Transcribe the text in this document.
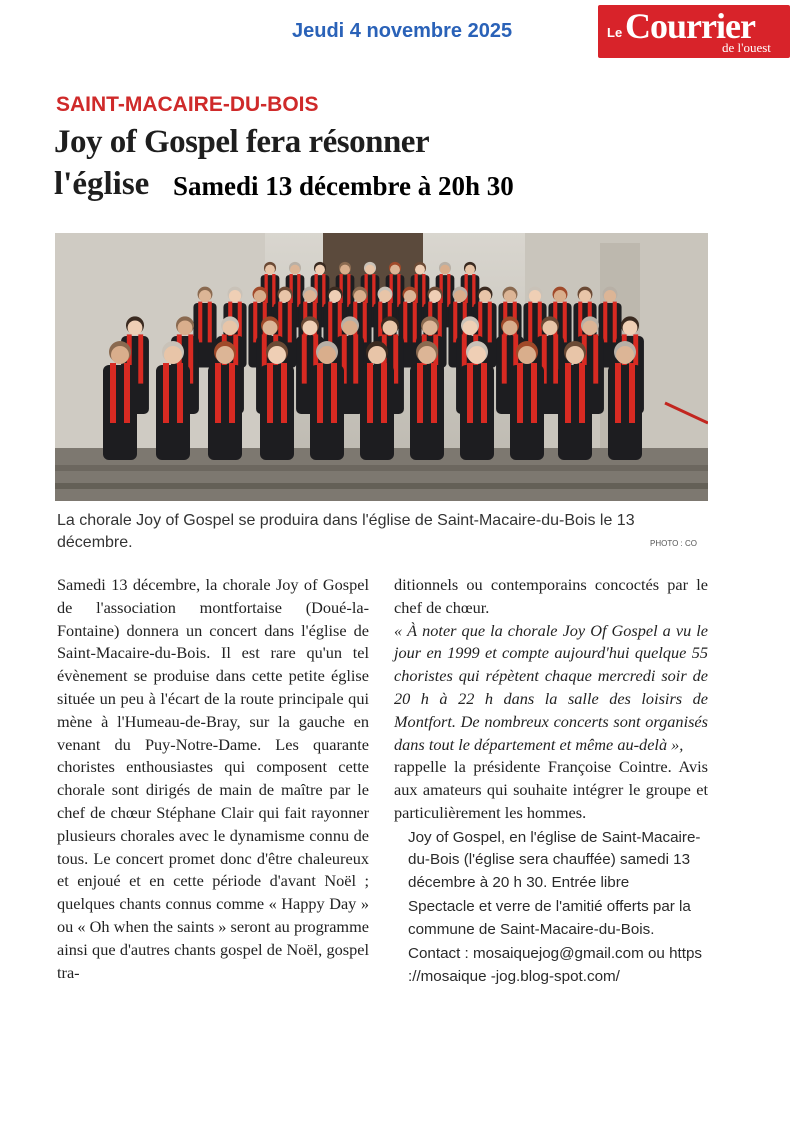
Jeudi 4 novembre 2025	Le Courrier
de l'ouest
SAINT-MACAIRE-DU-BOIS
Joy of Gospel fera résonner
l'église Samedi 13 décembre à 20h 30
La chorale Joy of Gospel se produira dans l'église de Saint-Macaire-du-Bois le 13 décembre.	PHOTO : CO

Samedi 13 décembre, la chorale Joy of Gospel de l'association montfortaise (Doué-la-Fontaine) donnera un concert dans l'église de Saint-Macaire-du-Bois. Il est rare qu'un tel évènement se produise dans cette petite église située un peu à l'écart de la route principale qui mène à l'Humeau-de-Bray, sur la gauche en venant du Puy-Notre-Dame. Les quarante choristes enthousiastes qui composent cette chorale sont dirigés de main de maître par le chef de chœur Stéphane Clair qui fait rayonner plusieurs chorales avec le dynamisme connu de tous. Le concert promet donc d'être chaleureux et enjoué et en cette période d'avant Noël ; quelques chants connus comme « Happy Day » ou « Oh when the saints » seront au programme ainsi que d'autres chants gospel de Noël, gospel tra-

ditionnels ou contemporains concoctés par le chef de chœur.

« À noter que la chorale Joy Of Gospel a vu le jour en 1999 et compte aujourd'hui quelque 55 choristes qui répètent chaque mercredi soir de 20 h à 22 h dans la salle des loisirs de Montfort. De nombreux concerts sont organisés dans tout le département et même au-delà »,

rappelle la présidente Françoise Cointre. Avis aux amateurs qui souhaite intégrer le groupe et particulièrement les hommes.

Joy of Gospel, en l'église de Saint-Macaire-du-Bois (l'église sera chauffée) samedi 13 décembre à 20 h 30. Entrée libre

Spectacle et verre de l'amitié offerts par la commune de Saint-Macaire-du-Bois.

Contact : mosaiquejog@gmail.com ou https ://mosaique -jog.blog-spot.com/
